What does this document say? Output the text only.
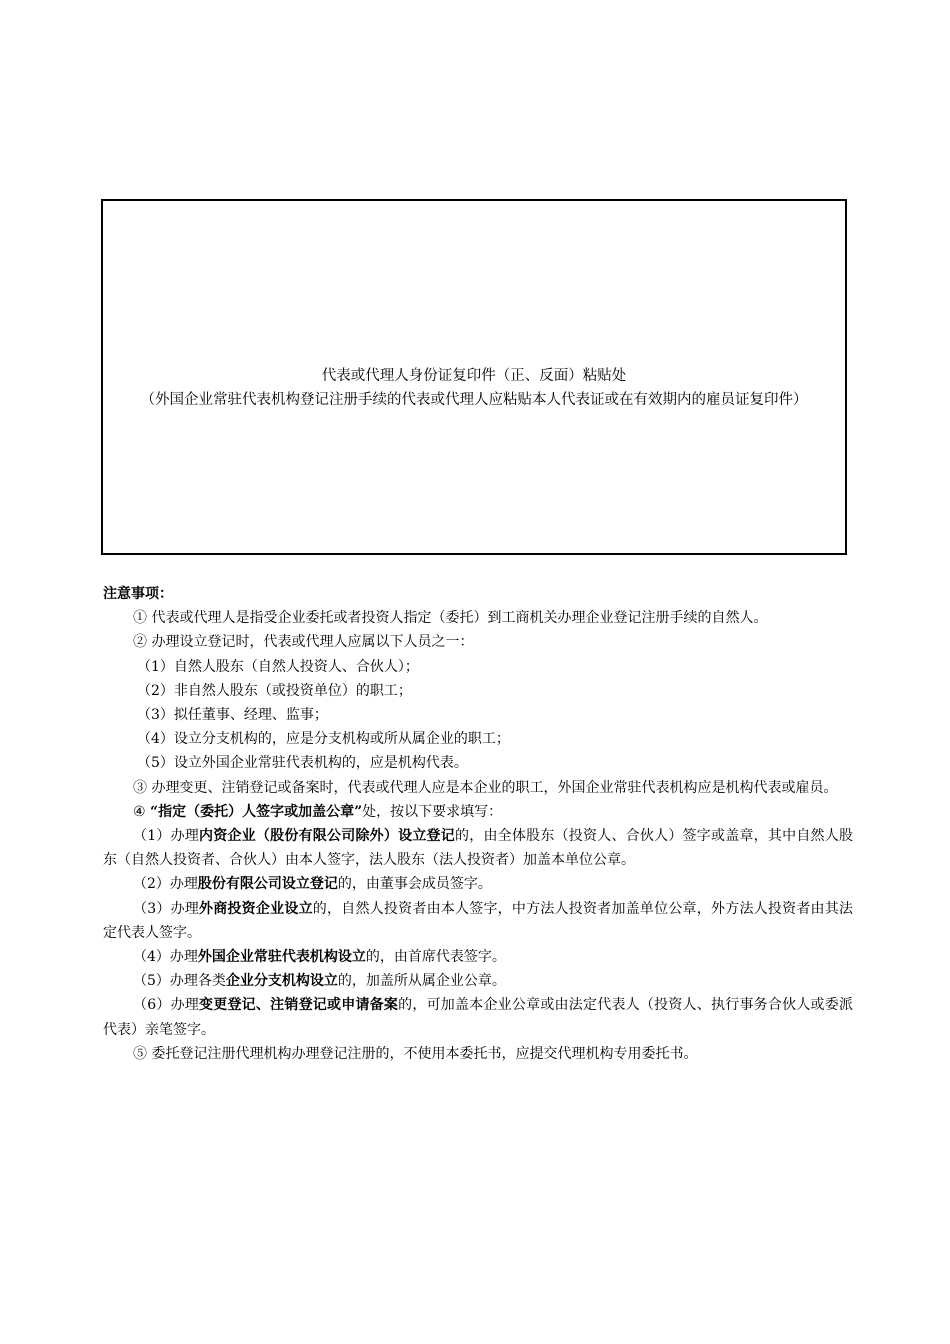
代表或代理人身份证复印件（正、反面）粘贴处
（外国企业常驻代表机构登记注册手续的代表或代理人应粘贴本人代表证或在有效期内的雇员证复印件）

注意事项：

① 代表或代理人是指受企业委托或者投资人指定（委托）到工商机关办理企业登记注册手续的自然人。

② 办理设立登记时，代表或代理人应属以下人员之一：

（1）自然人股东（自然人投资人、合伙人）；

（2）非自然人股东（或投资单位）的职工；

（3）拟任董事、经理、监事；

（4）设立分支机构的，应是分支机构或所从属企业的职工；

（5）设立外国企业常驻代表机构的，应是机构代表。

③ 办理变更、注销登记或备案时，代表或代理人应是本企业的职工，外国企业常驻代表机构应是机构代表或雇员。

④ “指定（委托）人签字或加盖公章”处，按以下要求填写：

（1）办理内资企业（股份有限公司除外）设立登记的，由全体股东（投资人、合伙人）签字或盖章，其中自然人股东（自然人投资者、合伙人）由本人签字，法人股东（法人投资者）加盖本单位公章。

（2）办理股份有限公司设立登记的，由董事会成员签字。

（3）办理外商投资企业设立的，自然人投资者由本人签字，中方法人投资者加盖单位公章，外方法人投资者由其法定代表人签字。

（4）办理外国企业常驻代表机构设立的，由首席代表签字。

（5）办理各类企业分支机构设立的，加盖所从属企业公章。

（6）办理变更登记、注销登记或申请备案的，可加盖本企业公章或由法定代表人（投资人、执行事务合伙人或委派代表）亲笔签字。

⑤ 委托登记注册代理机构办理登记注册的，不使用本委托书，应提交代理机构专用委托书。
